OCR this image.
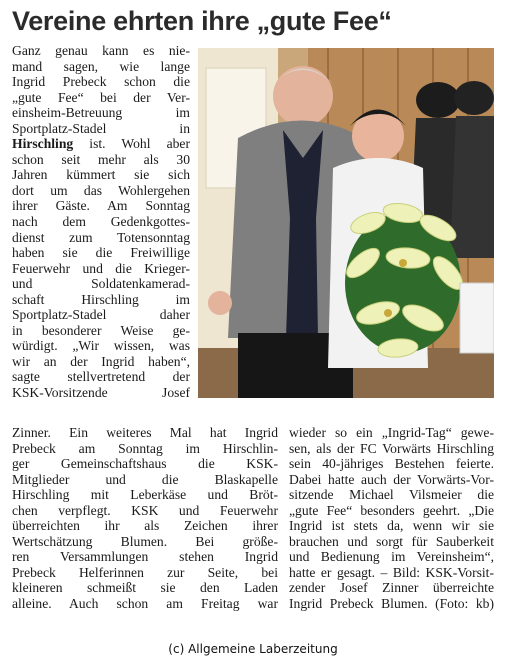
Vereine ehrten ihre „gute Fee“
Ganz genau kann es nie-
mand sagen, wie lange
Ingrid Prebeck schon die
„gute Fee“ bei der Ver-
einsheim-Betreuung im
Sportplatz-Stadel in
Hirschling ist. Wohl aber
schon seit mehr als 30
Jahren kümmert sie sich
dort um das Wohlergehen
ihrer Gäste. Am Sonntag
nach dem Gedenkgottes-
dienst zum Totensonntag
haben sie die Freiwillige
Feuerwehr und die Krieger-
und Soldatenkamerad-
schaft Hirschling im
Sportplatz-Stadel daher
in besonderer Weise ge-
würdigt. „Wir wissen, was
wir an der Ingrid haben“,
sagte stellvertretend der
KSK-Vorsitzende Josef
Zinner. Ein weiteres Mal hat Ingrid
Prebeck am Sonntag im Hirschlin-
ger Gemeinschaftshaus die KSK-
Mitglieder und die Blaskapelle
Hirschling mit Leberkäse und Bröt-
chen verpflegt. KSK und Feuerwehr
überreichten ihr als Zeichen ihrer
Wertschätzung Blumen. Bei größe-
ren Versammlungen stehen Ingrid
Prebeck Helferinnen zur Seite, bei
kleineren schmeißt sie den Laden
alleine. Auch schon am Freitag war
wieder so ein „Ingrid-Tag“ gewe-
sen, als der FC Vorwärts Hirschling
sein 40-jähriges Bestehen feierte.
Dabei hatte auch der Vorwärts-Vor-
sitzende Michael Vilsmeier die
„gute Fee“ besonders geehrt. „Die
Ingrid ist stets da, wenn wir sie
brauchen und sorgt für Sauberkeit
und Bedienung im Vereinsheim“,
hatte er gesagt. – Bild: KSK-Vorsit-
zender Josef Zinner überreichte
Ingrid Prebeck Blumen. (Foto: kb)
(c) Allgemeine Laberzeitung
